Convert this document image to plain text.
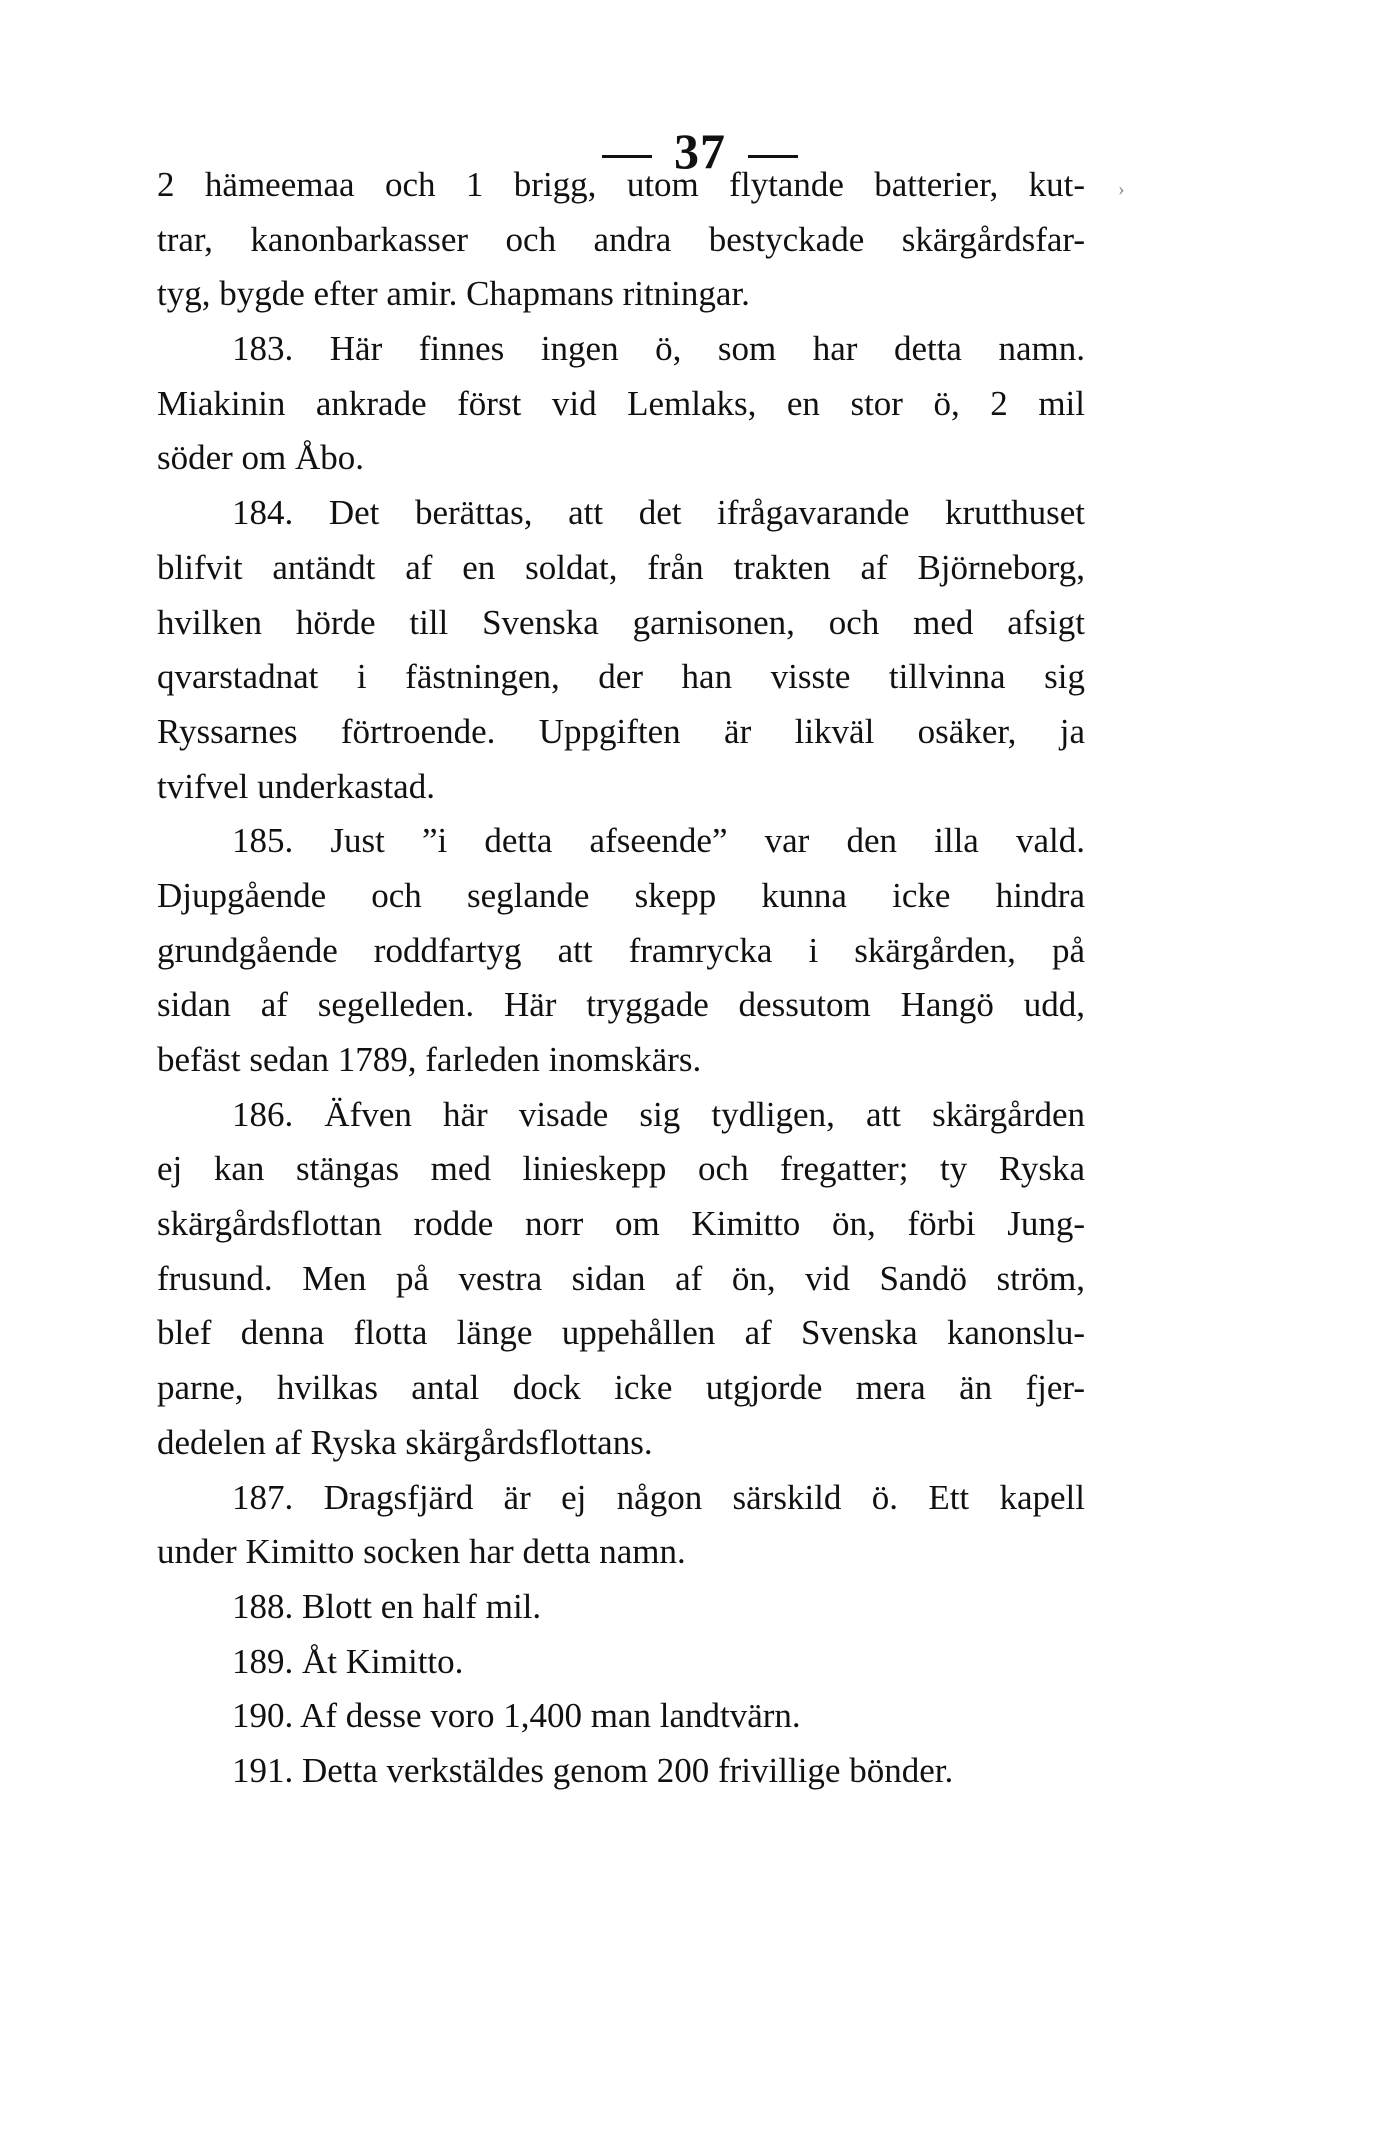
37
›
2 hämeemaa och 1 brigg, utom flytande batterier, kut-
trar, kanonbarkasser och andra bestyckade skärgårdsfar-
tyg, bygde efter amir. Chapmans ritningar.
183. Här finnes ingen ö, som har detta namn.
Miakinin ankrade först vid Lemlaks, en stor ö, 2 mil
söder om Åbo.
184. Det berättas, att det ifrågavarande krutthuset
blifvit antändt af en soldat, från trakten af Björneborg,
hvilken hörde till Svenska garnisonen, och med afsigt
qvarstadnat i fästningen, der han visste tillvinna sig
Ryssarnes förtroende. Uppgiften är likväl osäker, ja
tvifvel underkastad.
185. Just ”i detta afseende” var den illa vald.
Djupgående och seglande skepp kunna icke hindra
grundgående roddfartyg att framrycka i skärgården, på
sidan af segelleden. Här tryggade dessutom Hangö udd,
befäst sedan 1789, farleden inomskärs.
186. Äfven här visade sig tydligen, att skärgården
ej kan stängas med linieskepp och fregatter; ty Ryska
skärgårdsflottan rodde norr om Kimitto ön, förbi Jung-
frusund. Men på vestra sidan af ön, vid Sandö ström,
blef denna flotta länge uppehållen af Svenska kanonslu-
parne, hvilkas antal dock icke utgjorde mera än fjer-
dedelen af Ryska skärgårdsflottans.
187. Dragsfjärd är ej någon särskild ö. Ett kapell
under Kimitto socken har detta namn.
188. Blott en half mil.
189. Åt Kimitto.
190. Af desse voro 1,400 man landtvärn.
191. Detta verkstäldes genom 200 frivillige bönder.
